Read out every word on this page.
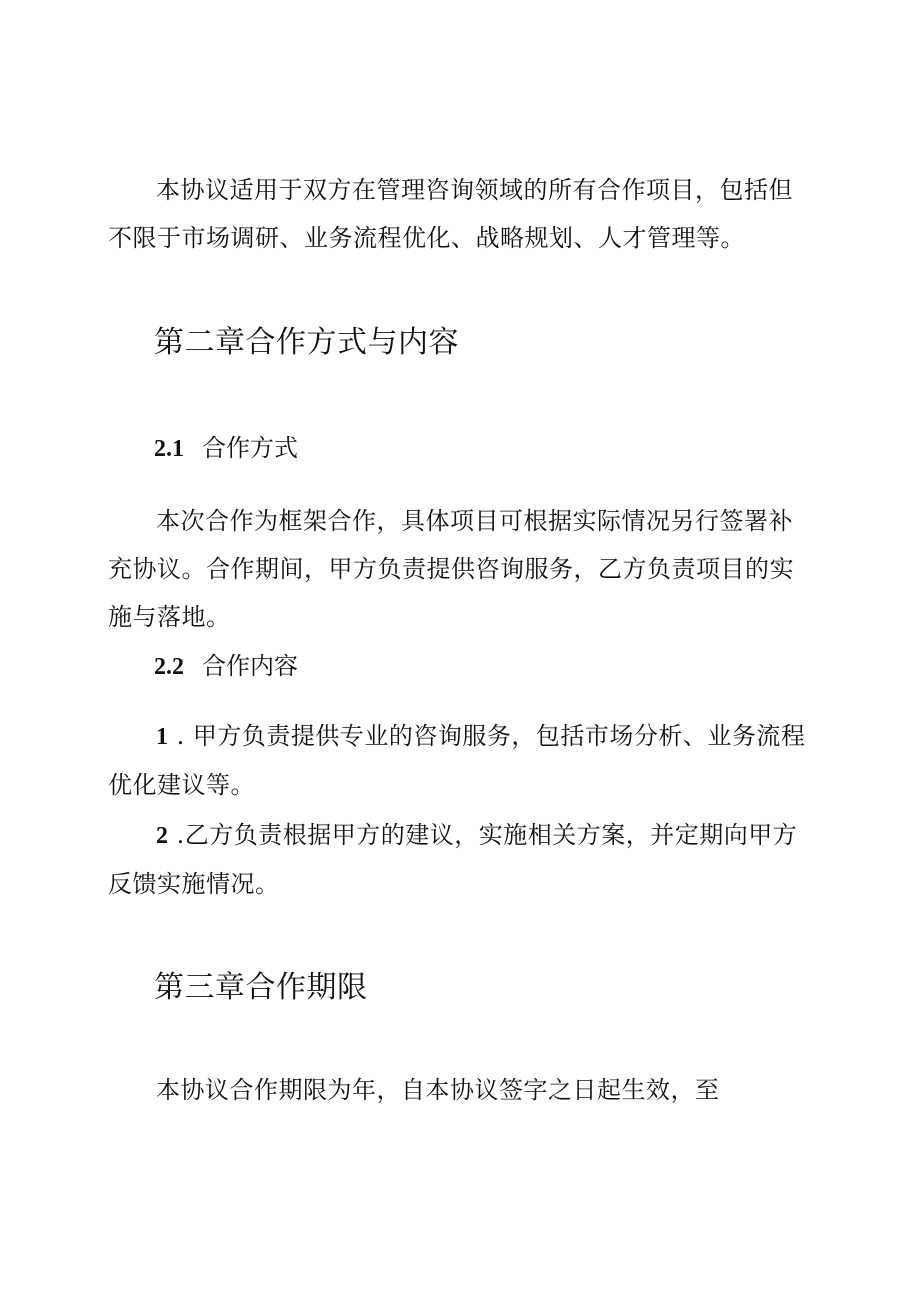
本协议适用于双方在管理咨询领域的所有合作项目，包括但不限于市场调研、业务流程优化、战略规划、人才管理等。

第二章合作方式与内容
2.1 合作方式

本次合作为框架合作，具体项目可根据实际情况另行签署补充协议。合作期间，甲方负责提供咨询服务，乙方负责项目的实施与落地。

2.2 合作内容

1 . 甲方负责提供专业的咨询服务，包括市场分析、业务流程优化建议等。

2 .乙方负责根据甲方的建议，实施相关方案，并定期向甲方反馈实施情况。

第三章合作期限

本协议合作期限为年，自本协议签字之日起生效，至
